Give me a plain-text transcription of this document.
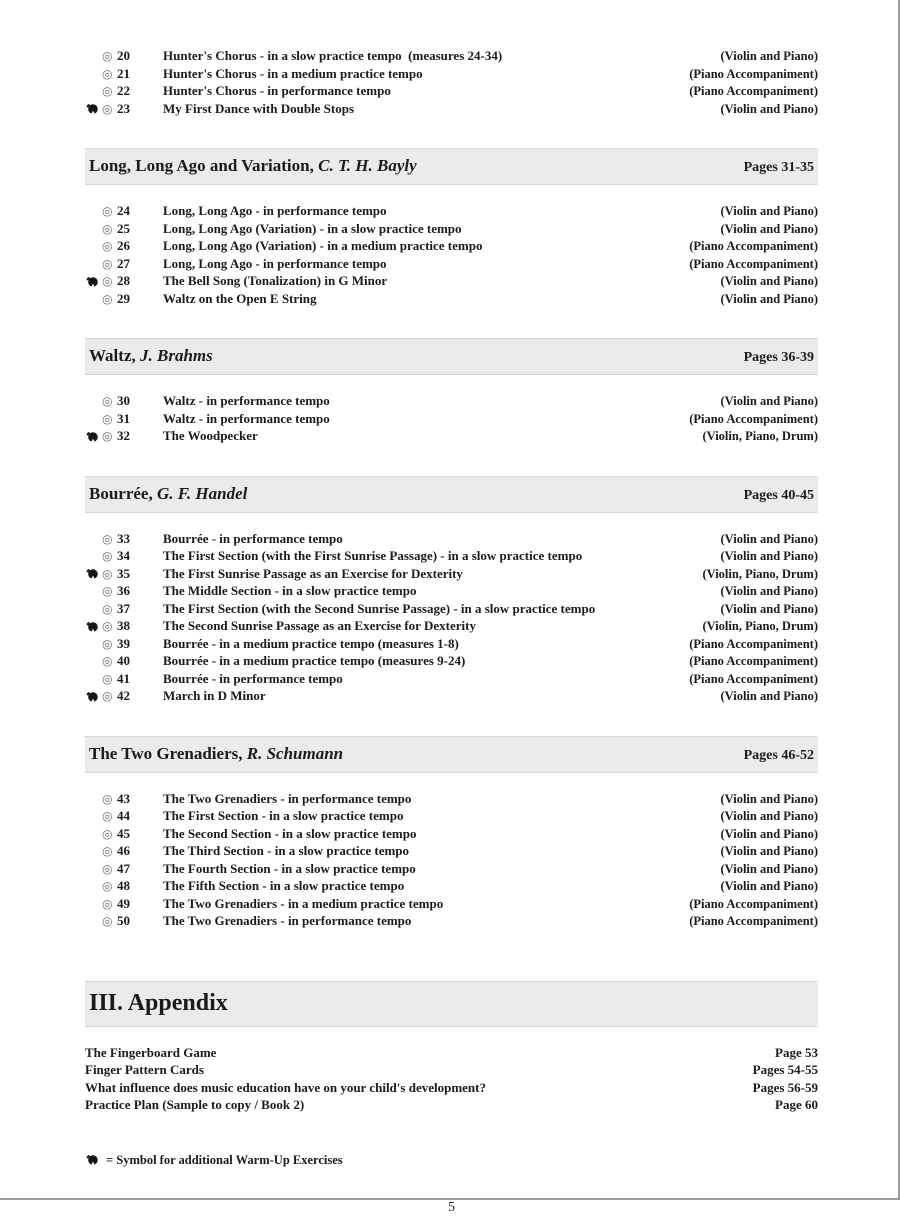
◎ 20	Hunter's Chorus - in a slow practice tempo  (measures 24-34)	(Violin and Piano)
◎ 21	Hunter's Chorus - in a medium practice tempo	(Piano Accompaniment)
◎ 22	Hunter's Chorus - in performance tempo	(Piano Accompaniment)
◎ 23	My First Dance with Double Stops	(Violin and Piano)
Long, Long Ago and Variation, C. T. H. Bayly	Pages 31-35
◎ 24	Long, Long Ago - in performance tempo	(Violin and Piano)
◎ 25	Long, Long Ago (Variation) - in a slow practice tempo	(Violin and Piano)
◎ 26	Long, Long Ago (Variation) - in a medium practice tempo	(Piano Accompaniment)
◎ 27	Long, Long Ago - in performance tempo	(Piano Accompaniment)
◎ 28	The Bell Song (Tonalization) in G Minor	(Violin and Piano)
◎ 29	Waltz on the Open E String	(Violin and Piano)
Waltz, J. Brahms	Pages 36-39
◎ 30	Waltz - in performance tempo	(Violin and Piano)
◎ 31	Waltz - in performance tempo	(Piano Accompaniment)
◎ 32	The Woodpecker	(Violin, Piano, Drum)
Bourrée, G. F. Handel	Pages 40-45
◎ 33	Bourrée - in performance tempo	(Violin and Piano)
◎ 34	The First Section (with the First Sunrise Passage) - in a slow practice tempo	(Violin and Piano)
◎ 35	The First Sunrise Passage as an Exercise for Dexterity	(Violin, Piano, Drum)
◎ 36	The Middle Section - in a slow practice tempo	(Violin and Piano)
◎ 37	The First Section (with the Second Sunrise Passage) - in a slow practice tempo	(Violin and Piano)
◎ 38	The Second Sunrise Passage as an Exercise for Dexterity	(Violin, Piano, Drum)
◎ 39	Bourrée - in a medium practice tempo (measures 1-8)	(Piano Accompaniment)
◎ 40	Bourrée - in a medium practice tempo (measures 9-24)	(Piano Accompaniment)
◎ 41	Bourrée - in performance tempo	(Piano Accompaniment)
◎ 42	March in D Minor	(Violin and Piano)
The Two Grenadiers, R. Schumann	Pages 46-52
◎ 43	The Two Grenadiers - in performance tempo	(Violin and Piano)
◎ 44	The First Section - in a slow practice tempo	(Violin and Piano)
◎ 45	The Second Section - in a slow practice tempo	(Violin and Piano)
◎ 46	The Third Section - in a slow practice tempo	(Violin and Piano)
◎ 47	The Fourth Section - in a slow practice tempo	(Violin and Piano)
◎ 48	The Fifth Section - in a slow practice tempo	(Violin and Piano)
◎ 49	The Two Grenadiers - in a medium practice tempo	(Piano Accompaniment)
◎ 50	The Two Grenadiers - in performance tempo	(Piano Accompaniment)
III. Appendix
The Fingerboard Game	Page 53
Finger Pattern Cards	Pages 54-55
What influence does music education have on your child's development?	Pages 56-59
Practice Plan (Sample to copy / Book 2)	Page 60
= Symbol for additional Warm-Up Exercises
5
